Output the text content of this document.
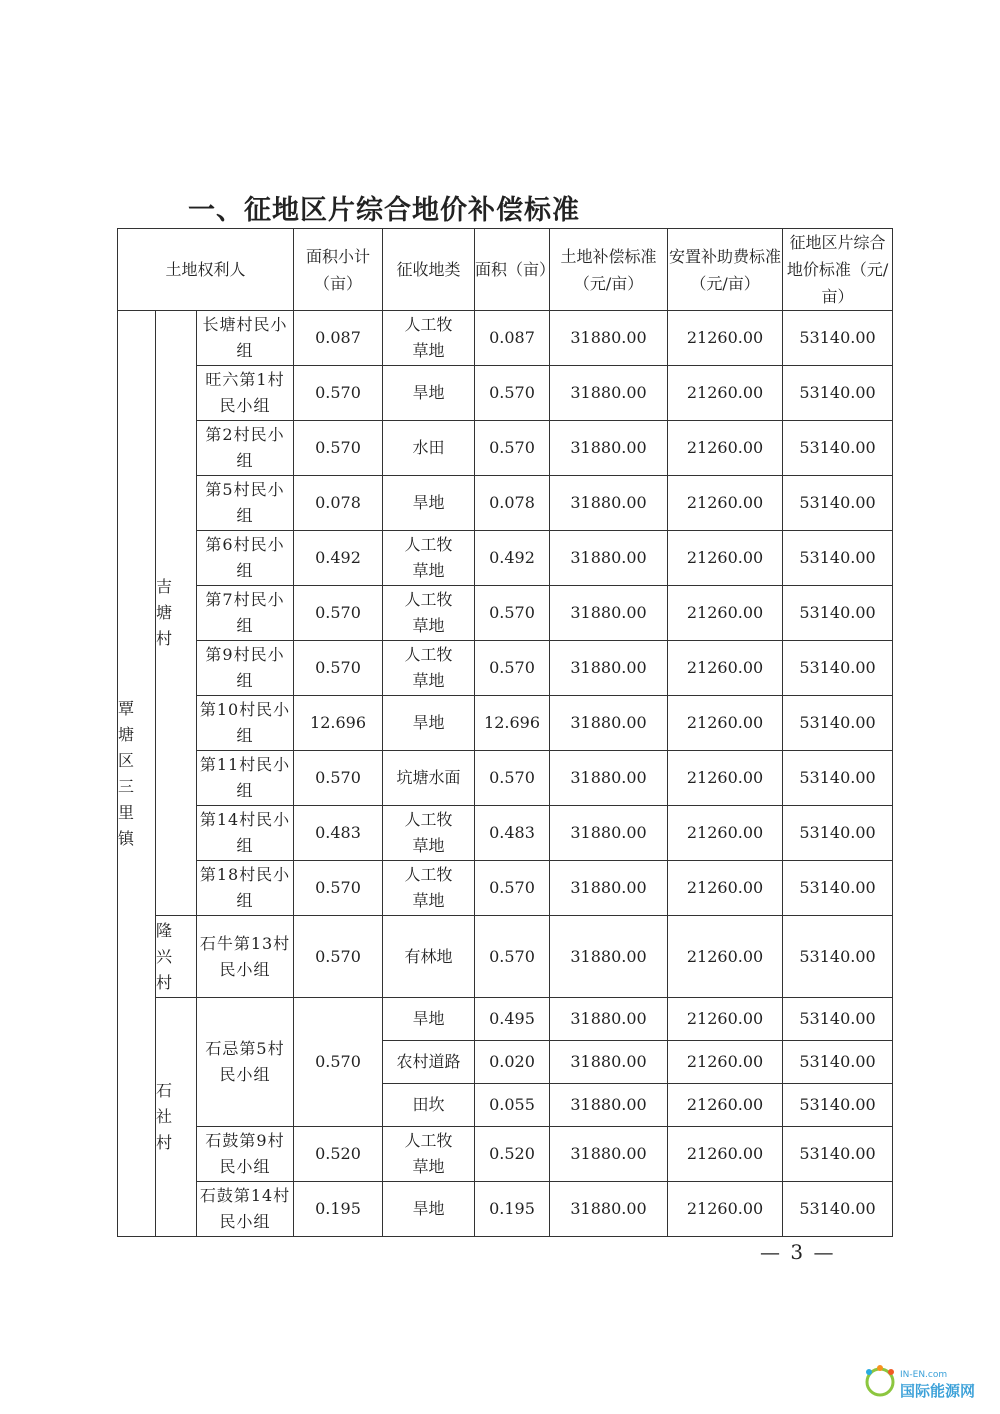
一、征地区片综合地价补偿标准
土地权利人			面积小计（亩）	征收地类	面积（亩）	土地补偿标准（元/亩）	安置补助费标准（元/亩）	征地区片综合地价标准（元/亩）

覃塘区三里镇	吉塘村	长塘村民小组	0.087	人工牧草地	0.087	31880.00	21260.00	53140.00
		旺六第1村民小组	0.570	旱地	0.570	31880.00	21260.00	53140.00
		第2村民小组	0.570	水田	0.570	31880.00	21260.00	53140.00
		第5村民小组	0.078	旱地	0.078	31880.00	21260.00	53140.00
		第6村民小组	0.492	人工牧草地	0.492	31880.00	21260.00	53140.00
		第7村民小组	0.570	人工牧草地	0.570	31880.00	21260.00	53140.00
		第9村民小组	0.570	人工牧草地	0.570	31880.00	21260.00	53140.00
		第10村民小组	12.696	旱地	12.696	31880.00	21260.00	53140.00
		第11村民小组	0.570	坑塘水面	0.570	31880.00	21260.00	53140.00
		第14村民小组	0.483	人工牧草地	0.483	31880.00	21260.00	53140.00
		第18村民小组	0.570	人工牧草地	0.570	31880.00	21260.00	53140.00

	隆兴村	石牛第13村民小组	0.570	有林地	0.570	31880.00	21260.00	53140.00

	石社村	石忌第5村民小组	0.570	旱地	0.495	31880.00	21260.00	53140.00
				农村道路	0.020	31880.00	21260.00	53140.00
				田坎	0.055	31880.00	21260.00	53140.00
		石鼓第9村民小组	0.520	人工牧草地	0.520	31880.00	21260.00	53140.00
		石鼓第14村民小组	0.195	旱地	0.195	31880.00	21260.00	53140.00
— 3 —
IN-EN.com
国际能源网
